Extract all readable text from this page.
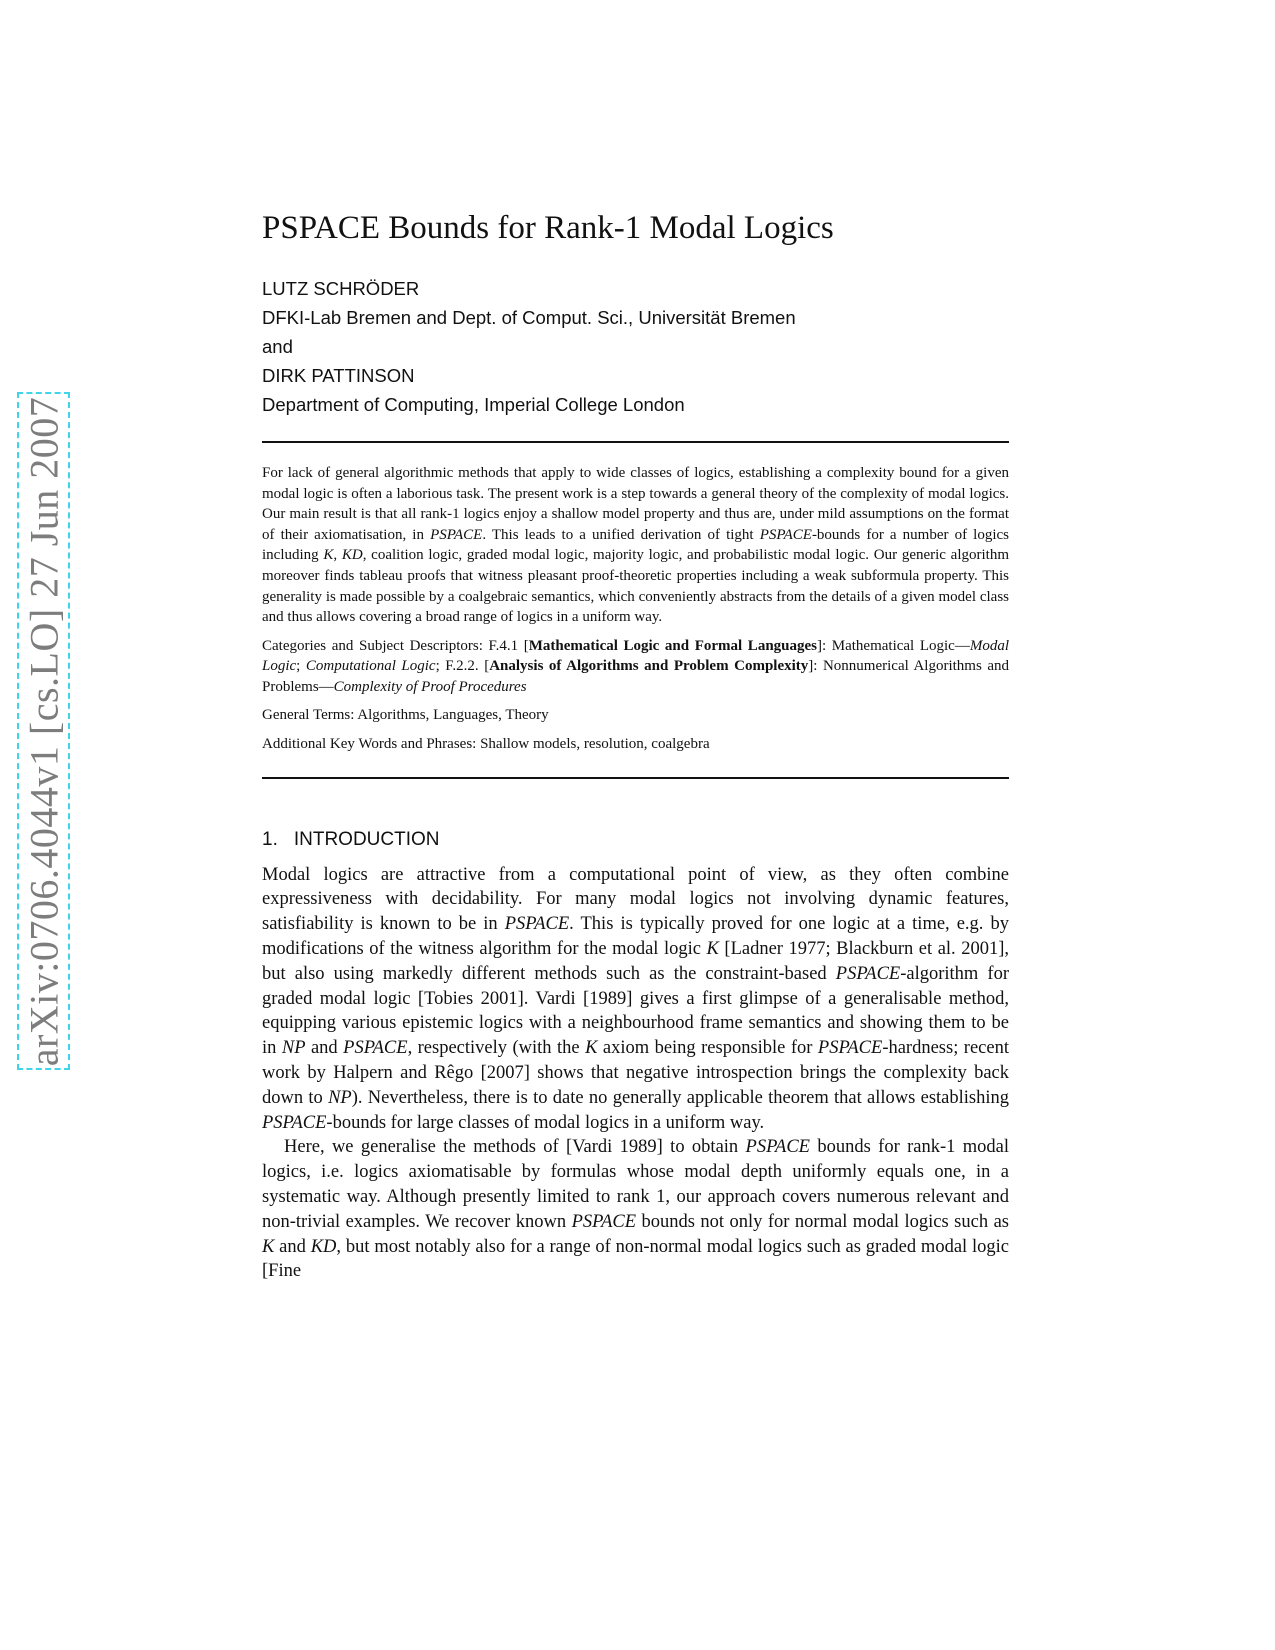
arXiv:0706.4044v1 [cs.LO] 27 Jun 2007
PSPACE Bounds for Rank-1 Modal Logics
LUTZ SCHRÖDER
DFKI-Lab Bremen and Dept. of Comput. Sci., Universität Bremen
and
DIRK PATTINSON
Department of Computing, Imperial College London

For lack of general algorithmic methods that apply to wide classes of logics, establishing a complexity bound for a given modal logic is often a laborious task. The present work is a step towards a general theory of the complexity of modal logics. Our main result is that all rank-1 logics enjoy a shallow model property and thus are, under mild assumptions on the format of their axiomatisation, in PSPACE. This leads to a unified derivation of tight PSPACE-bounds for a number of logics including K, KD, coalition logic, graded modal logic, majority logic, and probabilistic modal logic. Our generic algorithm moreover finds tableau proofs that witness pleasant proof-theoretic properties including a weak subformula property. This generality is made possible by a coalgebraic semantics, which conveniently abstracts from the details of a given model class and thus allows covering a broad range of logics in a uniform way.

Categories and Subject Descriptors: F.4.1 [Mathematical Logic and Formal Languages]: Mathematical Logic—Modal Logic; Computational Logic; F.2.2. [Analysis of Algorithms and Problem Complexity]: Nonnumerical Algorithms and Problems—Complexity of Proof Procedures

General Terms: Algorithms, Languages, Theory

Additional Key Words and Phrases: Shallow models, resolution, coalgebra

1. INTRODUCTION

Modal logics are attractive from a computational point of view, as they often combine expressiveness with decidability. For many modal logics not involving dynamic features, satisfiability is known to be in PSPACE. This is typically proved for one logic at a time, e.g. by modifications of the witness algorithm for the modal logic K [Ladner 1977; Blackburn et al. 2001], but also using markedly different methods such as the constraint-based PSPACE-algorithm for graded modal logic [Tobies 2001]. Vardi [1989] gives a first glimpse of a generalisable method, equipping various epistemic logics with a neighbourhood frame semantics and showing them to be in NP and PSPACE, respectively (with the K axiom being responsible for PSPACE-hardness; recent work by Halpern and Rêgo [2007] shows that negative introspection brings the complexity back down to NP). Nevertheless, there is to date no generally applicable theorem that allows establishing PSPACE-bounds for large classes of modal logics in a uniform way.

Here, we generalise the methods of [Vardi 1989] to obtain PSPACE bounds for rank-1 modal logics, i.e. logics axiomatisable by formulas whose modal depth uniformly equals one, in a systematic way. Although presently limited to rank 1, our approach covers numerous relevant and non-trivial examples. We recover known PSPACE bounds not only for normal modal logics such as K and KD, but most notably also for a range of non-normal modal logics such as graded modal logic [Fine
